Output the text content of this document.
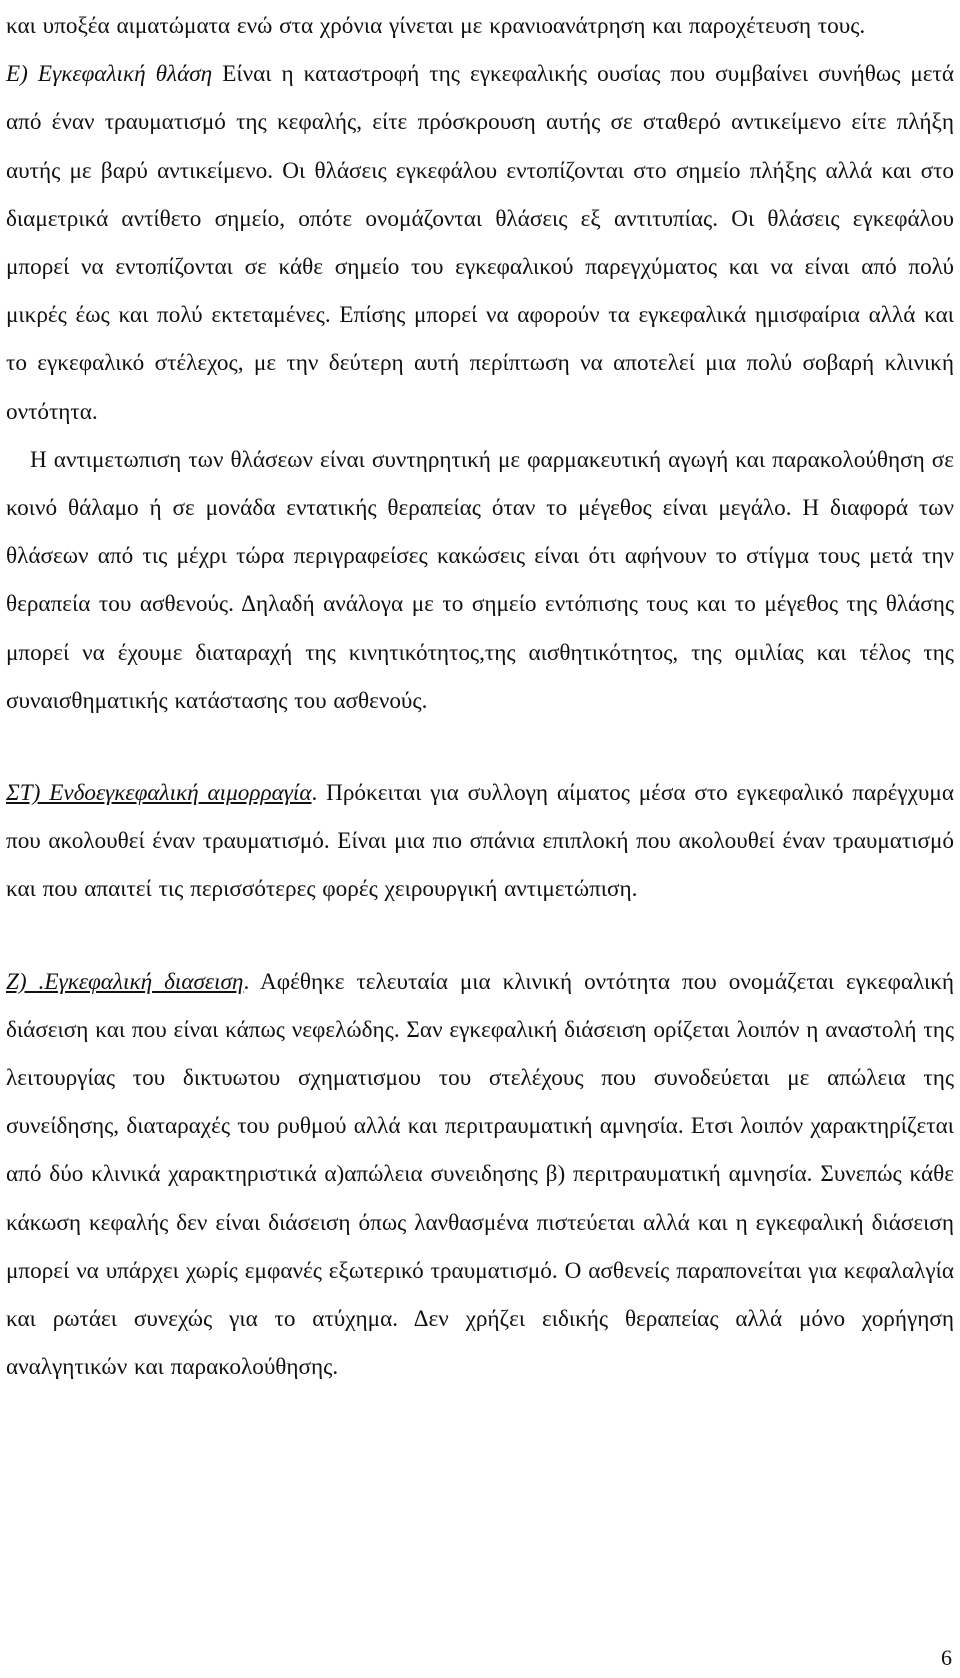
και υποξέα αιματώματα ενώ στα χρόνια γίνεται με κρανιοανάτρηση και παροχέτευση τους.

Ε) Εγκεφαλική θλάση Είναι η καταστροφή της εγκεφαλικής ουσίας που συμβαίνει συνήθως μετά από έναν τραυματισμό της κεφαλής, είτε πρόσκρουση αυτής σε σταθερό αντικείμενο είτε πλήξη αυτής με βαρύ αντικείμενο. Οι θλάσεις εγκεφάλου εντοπίζονται στο σημείο πλήξης αλλά και στο διαμετρικά αντίθετο σημείο, οπότε ονομάζονται θλάσεις εξ αντιτυπίας. Οι θλάσεις εγκεφάλου μπορεί να εντοπίζονται σε κάθε σημείο του εγκεφαλικού παρεγχύματος και να είναι από πολύ μικρές έως και πολύ εκτεταμένες. Επίσης μπορεί να αφορούν τα εγκεφαλικά ημισφαίρια αλλά και το εγκεφαλικό στέλεχος, με την δεύτερη αυτή περίπτωση να αποτελεί μια πολύ σοβαρή κλινική οντότητα.

Η αντιμετωπιση των θλάσεων είναι συντηρητική με φαρμακευτική αγωγή και παρακολούθηση σε κοινό θάλαμο ή σε μονάδα εντατικής θεραπείας όταν το μέγεθος είναι μεγάλο. Η διαφορά των θλάσεων από τις μέχρι τώρα περιγραφείσες κακώσεις είναι ότι αφήνουν το στίγμα τους μετά την θεραπεία του ασθενούς. Δηλαδή ανάλογα με το σημείο εντόπισης τους και το μέγεθος της θλάσης μπορεί να έχουμε διαταραχή της κινητικότητος,της αισθητικότητος, της ομιλίας και τέλος της συναισθηματικής κατάστασης του ασθενούς.

ΣΤ) Ενδοεγκεφαλική αιμορραγία. Πρόκειται για συλλογη αίματος μέσα στο εγκεφαλικό παρέγχυμα που ακολουθεί έναν τραυματισμό. Είναι μια πιο σπάνια επιπλοκή που ακολουθεί έναν τραυματισμό και που απαιτεί τις περισσότερες φορές χειρουργική αντιμετώπιση.

Ζ) .Εγκεφαλική διασειση. Αφέθηκε τελευταία μια κλινική οντότητα που ονομάζεται εγκεφαλική διάσειση και που είναι κάπως νεφελώδης. Σαν εγκεφαλική διάσειση ορίζεται λοιπόν η αναστολή της λειτουργίας του δικτυωτου σχηματισμου του στελέχους που συνοδεύεται με απώλεια της συνείδησης, διαταραχές του ρυθμού αλλά και περιτραυματική αμνησία. Ετσι λοιπόν χαρακτηρίζεται από δύο κλινικά χαρακτηριστικά α)απώλεια συνειδησης β) περιτραυματική αμνησία. Συνεπώς κάθε κάκωση κεφαλής δεν είναι διάσειση όπως λανθασμένα πιστεύεται αλλά και η εγκεφαλική διάσειση μπορεί να υπάρχει χωρίς εμφανές εξωτερικό τραυματισμό. Ο ασθενείς παραπονείται για κεφαλαλγία και ρωτάει συνεχώς για το ατύχημα. Δεν χρήζει ειδικής θεραπείας αλλά μόνο χορήγηση αναλγητικών και παρακολούθησης.

6
